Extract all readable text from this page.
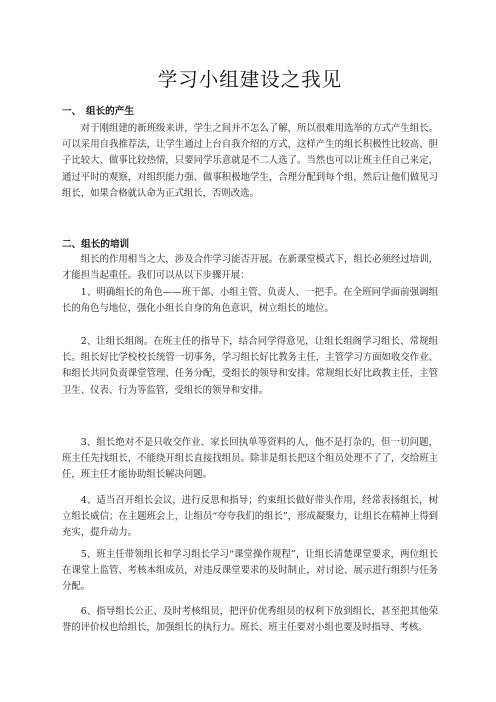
学习小组建设之我见
一、　组长的产生

对于刚组建的新班级来讲，学生之间并不怎么了解，所以很难用选举的方式产生组长。可以采用自我推荐法，让学生通过上台自我介绍的方式，这样产生的组长积极性比较高、胆子比较大、做事比较热情，只要同学乐意就是不二人选了。当然也可以让班主任自己来定，通过平时的观察，对组织能力强、做事积极地学生，合理分配到每个组，然后让他们做见习组长，如果合格就认命为正式组长，否则改选。

二、组长的培训

组长的作用相当之大，涉及合作学习能否开展。在新课堂模式下，组长必须经过培训，才能担当起重任。我们可以从以下步骤开展：

1、明确组长的角色——班干部、小组主管、负责人、一把手。在全班同学面前强调组长的角色与地位，强化小组长自身的角色意识，树立组长的地位。

2、让组长组阁。在班主任的指导下，结合同学得意见，让组长组阁学习组长、常规组长。组长好比学校校长统管一切事务，学习组长好比教务主任，主管学习方面如收交作业、和组长共同负责课堂管理、任务分配，受组长的领导和安排。常规组长好比政教主任，主管卫生、仪表、行为等监管，受组长的领导和安排。

3、组长绝对不是只收交作业、家长回执单等资料的人，他不是打杂的，但一切问题，班主任先找组长，不能绕开组长直接找组员。除非是组长把这个组员处理不了了，交给班主任，班主任才能协助组长解决问题。

4、适当召开组长会议，进行反思和指导；约束组长做好带头作用，经常表扬组长，树立组长威信；在主题班会上，让组员“夸夸我们的组长”，形成凝聚力，让组长在精神上得到充实，提升动力。

5、班主任带领组长和学习组长学习“课堂操作规程”，让组长清楚课堂要求，两位组长在课堂上监管、考核本组成员，对违反课堂要求的及时制止，对讨论、展示进行组织与任务分配。

6、指导组长公正、及时考核组员，把评价优秀组员的权利下放到组长，甚至把其他荣誉的评价权也给组长，加强组长的执行力。班长、班主任要对小组也要及时指导、考核。
